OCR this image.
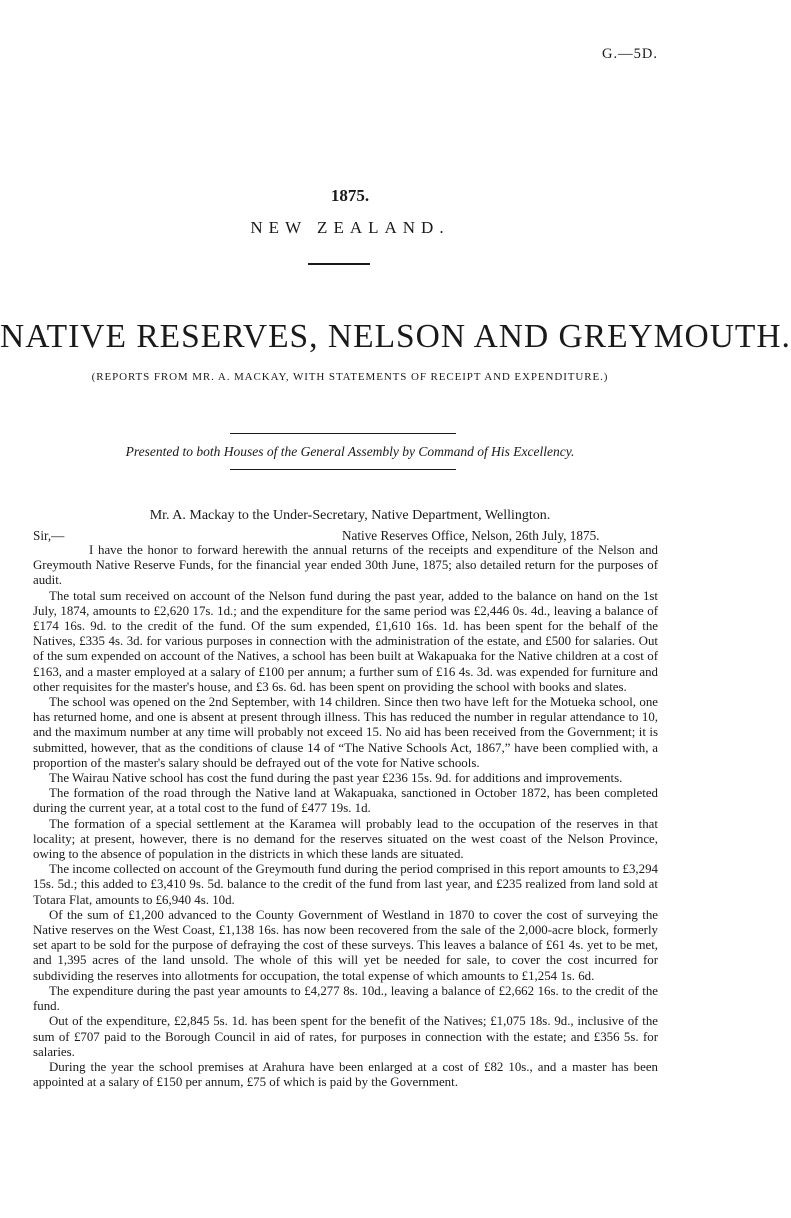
G.—5D.
1875.
NEW ZEALAND.
NATIVE RESERVES, NELSON AND GREYMOUTH.
(REPORTS FROM MR. A. MACKAY, WITH STATEMENTS OF RECEIPT AND EXPENDITURE.)
Presented to both Houses of the General Assembly by Command of His Excellency.
Mr. A. Mackay to the Under-Secretary, Native Department, Wellington.
Sir,—	Native Reserves Office, Nelson, 26th July, 1875.

I have the honor to forward herewith the annual returns of the receipts and expenditure of the Nelson and Greymouth Native Reserve Funds, for the financial year ended 30th June, 1875; also detailed return for the purposes of audit.

The total sum received on account of the Nelson fund during the past year, added to the balance on hand on the 1st July, 1874, amounts to £2,620 17s. 1d.; and the expenditure for the same period was £2,446 0s. 4d., leaving a balance of £174 16s. 9d. to the credit of the fund. Of the sum expended, £1,610 16s. 1d. has been spent for the behalf of the Natives, £335 4s. 3d. for various purposes in connection with the administration of the estate, and £500 for salaries. Out of the sum expended on account of the Natives, a school has been built at Wakapuaka for the Native children at a cost of £163, and a master employed at a salary of £100 per annum; a further sum of £16 4s. 3d. was expended for furniture and other requisites for the master's house, and £3 6s. 6d. has been spent on providing the school with books and slates.

The school was opened on the 2nd September, with 14 children. Since then two have left for the Motueka school, one has returned home, and one is absent at present through illness. This has reduced the number in regular attendance to 10, and the maximum number at any time will probably not exceed 15. No aid has been received from the Government; it is submitted, however, that as the conditions of clause 14 of “The Native Schools Act, 1867,” have been complied with, a proportion of the master's salary should be defrayed out of the vote for Native schools.

The Wairau Native school has cost the fund during the past year £236 15s. 9d. for additions and improvements.

The formation of the road through the Native land at Wakapuaka, sanctioned in October 1872, has been completed during the current year, at a total cost to the fund of £477 19s. 1d.

The formation of a special settlement at the Karamea will probably lead to the occupation of the reserves in that locality; at present, however, there is no demand for the reserves situated on the west coast of the Nelson Province, owing to the absence of population in the districts in which these lands are situated.

The income collected on account of the Greymouth fund during the period comprised in this report amounts to £3,294 15s. 5d.; this added to £3,410 9s. 5d. balance to the credit of the fund from last year, and £235 realized from land sold at Totara Flat, amounts to £6,940 4s. 10d.

Of the sum of £1,200 advanced to the County Government of Westland in 1870 to cover the cost of surveying the Native reserves on the West Coast, £1,138 16s. has now been recovered from the sale of the 2,000-acre block, formerly set apart to be sold for the purpose of defraying the cost of these surveys. This leaves a balance of £61 4s. yet to be met, and 1,395 acres of the land unsold. The whole of this will yet be needed for sale, to cover the cost incurred for subdividing the reserves into allotments for occupation, the total expense of which amounts to £1,254 1s. 6d.

The expenditure during the past year amounts to £4,277 8s. 10d., leaving a balance of £2,662 16s. to the credit of the fund.

Out of the expenditure, £2,845 5s. 1d. has been spent for the benefit of the Natives; £1,075 18s. 9d., inclusive of the sum of £707 paid to the Borough Council in aid of rates, for purposes in connection with the estate; and £356 5s. for salaries.

During the year the school premises at Arahura have been enlarged at a cost of £82 10s., and a master has been appointed at a salary of £150 per annum, £75 of which is paid by the Government.
